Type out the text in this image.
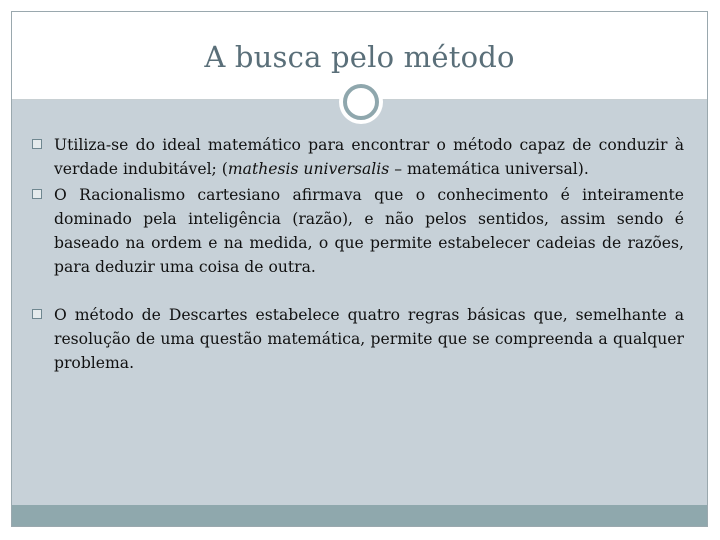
A busca pelo método
Utiliza-se do ideal matemático para encontrar o método capaz de conduzir à verdade indubitável; (mathesis universalis – matemática universal).
O Racionalismo cartesiano afirmava que o conhecimento é inteiramente dominado pela inteligência (razão), e não pelos sentidos, assim sendo é baseado na ordem e na medida, o que permite estabelecer cadeias de razões, para deduzir uma coisa de outra.
O método de Descartes estabelece quatro regras básicas que, semelhante a resolução de uma questão matemática, permite que se compreenda a qualquer problema.
